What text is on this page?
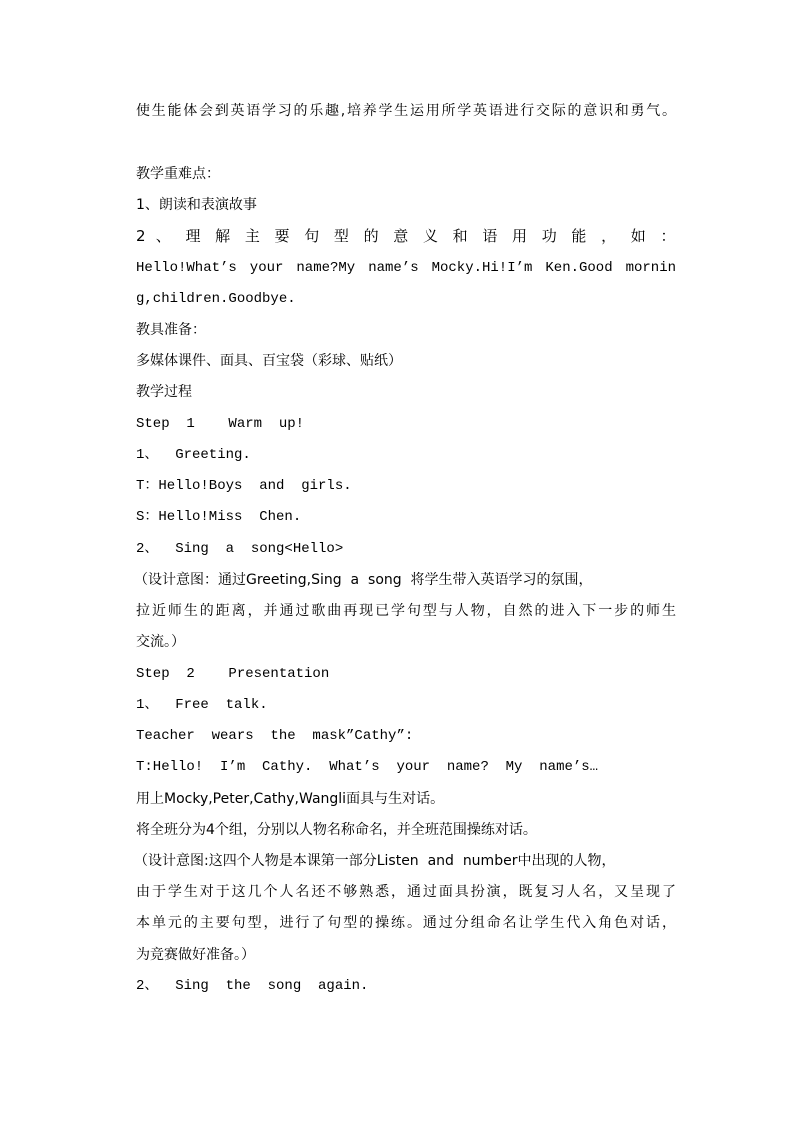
使生能体会到英语学习的乐趣,培养学生运用所学英语进行交际的意识和勇气。
教学重难点：
1、朗读和表演故事
2 、 理 解 主 要 句 型 的 意 义 和 语 用 功 能 ， 如 ：
Hello!What’s your name?My name’s Mocky.Hi!I’m Ken.Good mornin
g,children.Goodbye.
教具准备：
多媒体课件、面具、百宝袋（彩球、贴纸）
教学过程
Step  1    Warm  up!
1、  Greeting.
T：Hello!Boys  and  girls.
S：Hello!Miss  Chen.
2、  Sing  a  song<Hello>
（设计意图：通过Greeting,Sing  a  song  将学生带入英语学习的氛围，
拉近师生的距离，并通过歌曲再现已学句型与人物，自然的进入下一步的师生
交流。）
Step  2    Presentation
1、  Free  talk.
Teacher  wears  the  mask”Cathy”:
T:Hello!  I’m  Cathy.  What’s  your  name?  My  name’s…
用上Mocky,Peter,Cathy,Wangli面具与生对话。
将全班分为4个组，分别以人物名称命名，并全班范围操练对话。
（设计意图:这四个人物是本课第一部分Listen  and  number中出现的人物，
由于学生对于这几个人名还不够熟悉，通过面具扮演，既复习人名，又呈现了
本单元的主要句型，进行了句型的操练。通过分组命名让学生代入角色对话，
为竞赛做好准备。）
2、  Sing  the  song  again.
